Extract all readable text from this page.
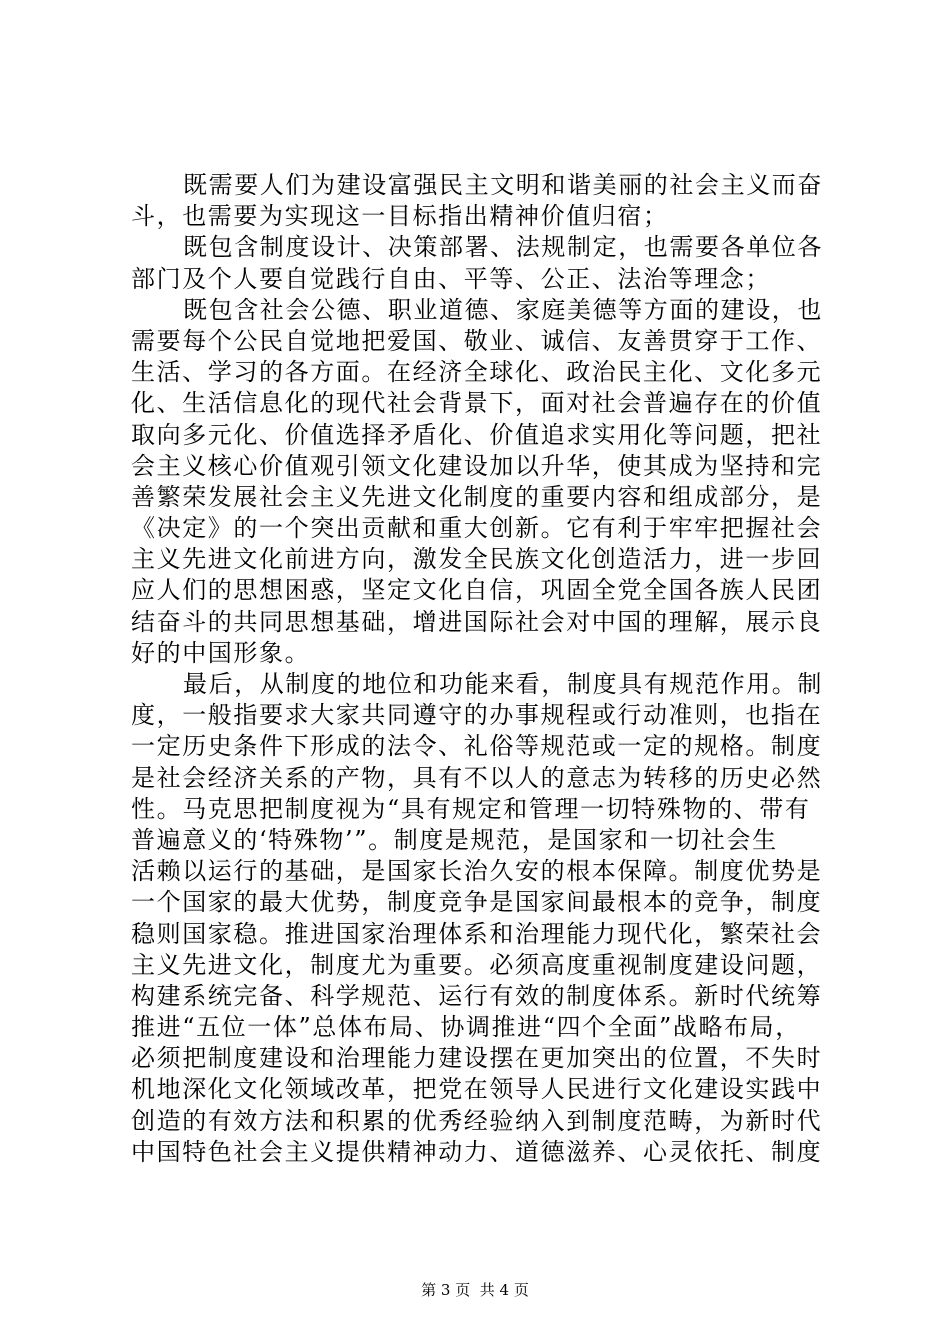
既需要人们为建设富强民主文明和谐美丽的社会主义而奋
斗，也需要为实现这一目标指出精神价值归宿；
既包含制度设计、决策部署、法规制定，也需要各单位各
部门及个人要自觉践行自由、平等、公正、法治等理念；
既包含社会公德、职业道德、家庭美德等方面的建设，也
需要每个公民自觉地把爱国、敬业、诚信、友善贯穿于工作、
生活、学习的各方面。在经济全球化、政治民主化、文化多元
化、生活信息化的现代社会背景下，面对社会普遍存在的价值
取向多元化、价值选择矛盾化、价值追求实用化等问题，把社
会主义核心价值观引领文化建设加以升华，使其成为坚持和完
善繁荣发展社会主义先进文化制度的重要内容和组成部分，是
《决定》的一个突出贡献和重大创新。它有利于牢牢把握社会
主义先进文化前进方向，激发全民族文化创造活力，进一步回
应人们的思想困惑，坚定文化自信，巩固全党全国各族人民团
结奋斗的共同思想基础，增进国际社会对中国的理解，展示良
好的中国形象。
最后，从制度的地位和功能来看，制度具有规范作用。制
度，一般指要求大家共同遵守的办事规程或行动准则，也指在
一定历史条件下形成的法令、礼俗等规范或一定的规格。制度
是社会经济关系的产物，具有不以人的意志为转移的历史必然
性。马克思把制度视为“具有规定和管理一切特殊物的、带有
普遍意义的‘特殊物’”。制度是规范，是国家和一切社会生
活赖以运行的基础，是国家长治久安的根本保障。制度优势是
一个国家的最大优势，制度竞争是国家间最根本的竞争，制度
稳则国家稳。推进国家治理体系和治理能力现代化，繁荣社会
主义先进文化，制度尤为重要。必须高度重视制度建设问题，
构建系统完备、科学规范、运行有效的制度体系。新时代统筹
推进“五位一体”总体布局、协调推进“四个全面”战略布局，
必须把制度建设和治理能力建设摆在更加突出的位置，不失时
机地深化文化领域改革，把党在领导人民进行文化建设实践中
创造的有效方法和积累的优秀经验纳入到制度范畴，为新时代
中国特色社会主义提供精神动力、道德滋养、心灵依托、制度
第 3 页  共 4 页
